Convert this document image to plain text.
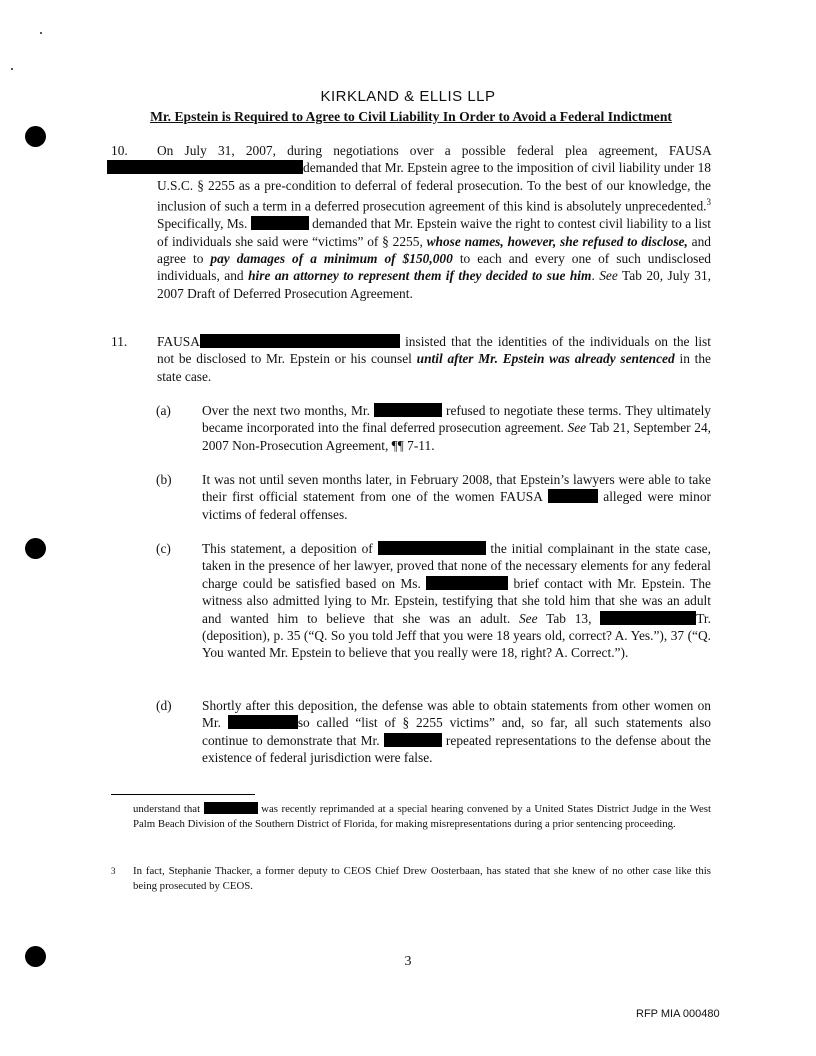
KIRKLAND & ELLIS LLP
Mr. Epstein is Required to Agree to Civil Liability In Order to Avoid a Federal Indictment
10. On July 31, 2007, during negotiations over a possible federal plea agreement, FAUSA demanded that Mr. Epstein agree to the imposition of civil liability under 18 U.S.C. § 2255 as a pre-condition to deferral of federal prosecution. To the best of our knowledge, the inclusion of such a term in a deferred prosecution agreement of this kind is absolutely unprecedented.$^3$ Specifically, Ms.	demanded that Mr. Epstein waive the right to contest civil liability to a list of individuals she said were “victims” of § 2255, whose names, however, she refused to disclose, and agree to pay damages of a minimum of $150,000 to each and every one of such undisclosed individuals, and hire an attorney to represent them if they decided to sue him. See Tab 20, July 31, 2007 Draft of Deferred Prosecution Agreement.
11. FAUSA	insisted that the identities of the individuals on the list not be disclosed to Mr. Epstein or his counsel until after Mr. Epstein was already sentenced in the state case.
(a) Over the next two months, Mr.	refused to negotiate these terms. They ultimately became incorporated into the final deferred prosecution agreement. See Tab 21, September 24, 2007 Non-Prosecution Agreement, ¶¶ 7-11.
(b) It was not until seven months later, in February 2008, that Epstein’s lawyers were able to take their first official statement from one of the women FAUSA	alleged were minor victims of federal offenses.
(c) This statement, a deposition of	the initial complainant in the state case, taken in the presence of her lawyer, proved that none of the necessary elements for any federal charge could be satisfied based on Ms.	brief contact with Mr. Epstein. The witness also admitted lying to Mr. Epstein, testifying that she told him that she was an adult and wanted him to believe that she was an adult. See Tab 13,	Tr. (deposition), p. 35 (“Q. So you told Jeff that you were 18 years old, correct? A. Yes.”), 37 (“Q. You wanted Mr. Epstein to believe that you really were 18, right? A. Correct.”).
(d) Shortly after this deposition, the defense was able to obtain statements from other women on Mr.	so called “list of § 2255 victims” and, so far, all such statements also continue to demonstrate that Mr.	repeated representations to the defense about the existence of federal jurisdiction were false.
understand that	was recently reprimanded at a special hearing convened by a United States District Judge in the West Palm Beach Division of the Southern District of Florida, for making misrepresentations during a prior sentencing proceeding.
3 In fact, Stephanie Thacker, a former deputy to CEOS Chief Drew Oosterbaan, has stated that she knew of no other case like this being prosecuted by CEOS.
3
RFP MIA 000480
